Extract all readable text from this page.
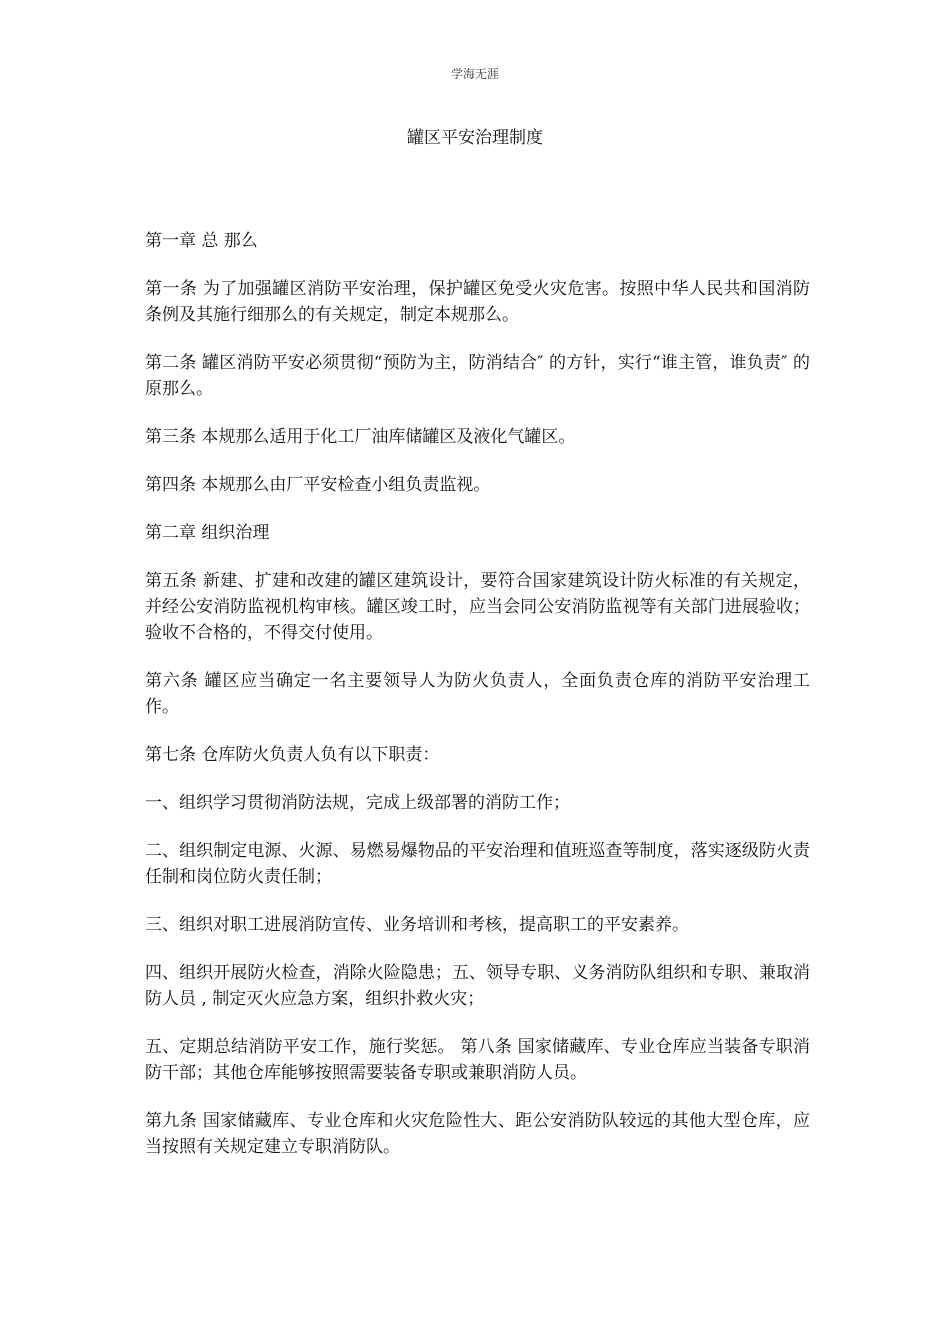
学海无涯
罐区平安治理制度

第一章 总 那么

第一条 为了加强罐区消防平安治理，保护罐区免受火灾危害。按照中华人民共和国消防条例及其施行细那么的有关规定，制定本规那么。

第二条 罐区消防平安必须贯彻“预防为主，防消结合″ 的方针，实行“谁主管，谁负责″ 的原那么。

第三条 本规那么适用于化工厂油库储罐区及液化气罐区。

第四条 本规那么由厂平安检查小组负责监视。

第二章 组织治理

第五条 新建、扩建和改建的罐区建筑设计，要符合国家建筑设计防火标准的有关规定，并经公安消防监视机构审核。罐区竣工时，应当会同公安消防监视等有关部门进展验收；验收不合格的，不得交付使用。

第六条 罐区应当确定一名主要领导人为防火负责人，全面负责仓库的消防平安治理工作。

第七条 仓库防火负责人负有以下职责：

一、组织学习贯彻消防法规，完成上级部署的消防工作；

二、组织制定电源、火源、易燃易爆物品的平安治理和值班巡查等制度，落实逐级防火责任制和岗位防火责任制；

三、组织对职工进展消防宣传、业务培训和考核，提高职工的平安素养。

四、组织开展防火检查，消除火险隐患；五、领导专职、义务消防队组织和专职、兼取消防人员 , 制定灭火应急方案，组织扑救火灾；

五、定期总结消防平安工作，施行奖惩。 第八条 国家储藏库、专业仓库应当装备专职消防干部；其他仓库能够按照需要装备专职或兼职消防人员。

第九条 国家储藏库、专业仓库和火灾危险性大、距公安消防队较远的其他大型仓库，应当按照有关规定建立专职消防队。
